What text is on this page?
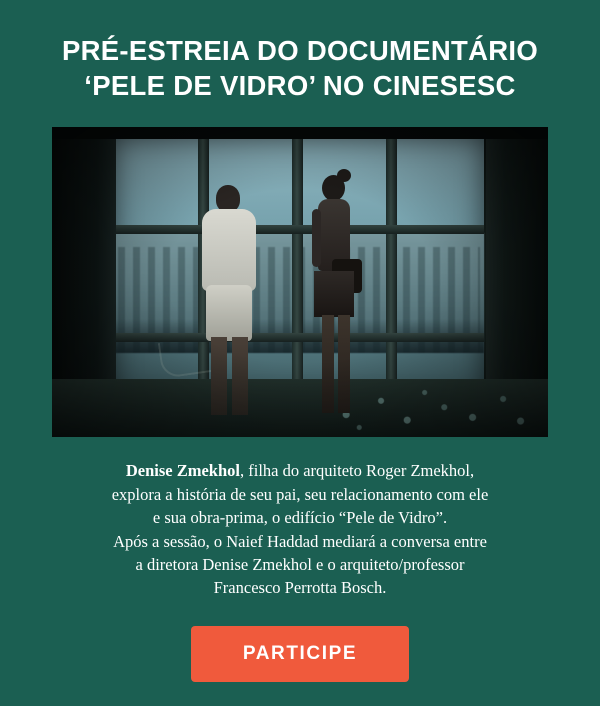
PRÉ-ESTREIA DO DOCUMENTÁRIO ‘PELE DE VIDRO’ NO CINESESC

Denise Zmekhol, filha do arquiteto Roger Zmekhol,
explora a história de seu pai, seu relacionamento com ele
e sua obra-prima, o edifício “Pele de Vidro”.
Após a sessão, o Naief Haddad mediará a conversa entre
a diretora Denise Zmekhol e o arquiteto/professor
Francesco Perrotta Bosch.

PARTICIPE
